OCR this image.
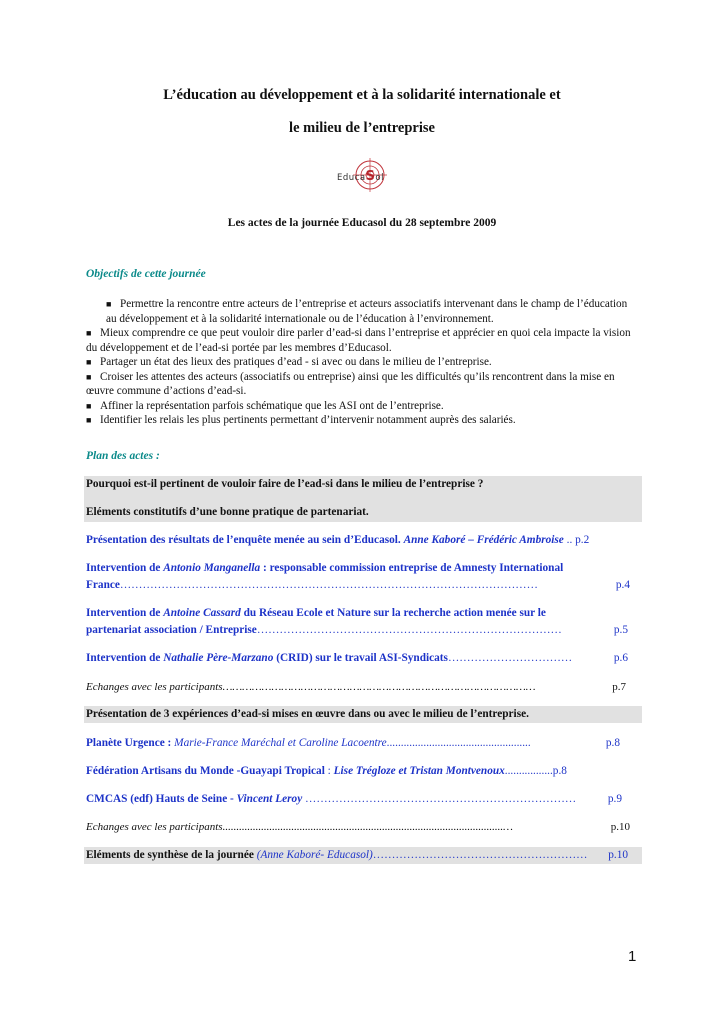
L’éducation au développement et à la solidarité internationale et
le milieu de l’entreprise
EducaSol
Les actes de la journée Educasol du 28 septembre 2009
Objectifs de cette journée

■ Permettre la rencontre entre acteurs de l’entreprise et acteurs associatifs intervenant dans le champ de l’éducation au développement et à la solidarité internationale ou de l’éducation à l’environnement.

■ Mieux comprendre ce que peut vouloir dire parler d’ead-si dans l’entreprise et apprécier en quoi cela impacte la vision du développement et de l’ead-si portée par les membres d’Educasol.

■ Partager un état des lieux des pratiques d’ead - si avec ou dans le milieu de l’entreprise.

■ Croiser les attentes des acteurs (associatifs ou entreprise) ainsi que les difficultés qu’ils rencontrent dans la mise en œuvre commune d’actions d’ead-si.

■ Affiner la représentation parfois schématique que les ASI ont de l’entreprise.

■ Identifier les relais les plus pertinents permettant d’intervenir notamment auprès des salariés.

Plan des actes :
Pourquoi est-il pertinent de vouloir faire de l’ead-si dans le milieu de l’entreprise ?
Eléments constitutifs d’une bonne pratique de partenariat.
Présentation des résultats de l’enquête menée au sein d’Educasol. Anne Kaboré – Frédéric Ambroise .. p.2
Intervention de Antonio Manganella : responsable commission entreprise de Amnesty International
France…………………………………………………………………………………………………	p.4
Intervention de Antoine Cassard du Réseau Ecole et Nature sur la recherche action menée sur le
partenariat association / Entreprise………………………………………………………………………	p.5
Intervention de Nathalie Père-Marzano (CRID) sur le travail ASI-Syndicats……………………………	p.6
Echanges avec les participants……………………………………………………………………………………	p.7
Présentation de 3 expériences d’ead-si mises en œuvre dans ou avec le milieu de l’entreprise.
Planète Urgence : Marie-France Maréchal et Caroline Lacoentre...................................................	p.8
Fédération Artisans du Monde -Guayapi Tropical : Lise Trégloze et Tristan Montvenoux.................p.8
CMCAS (edf) Hauts de Seine - Vincent Leroy ………………………………………………………………	p.9
Echanges avec les participants......................................................................................................…	p.10
Eléments de synthèse de la journée (Anne Kaboré- Educasol)………………………………………………… p.10
1
